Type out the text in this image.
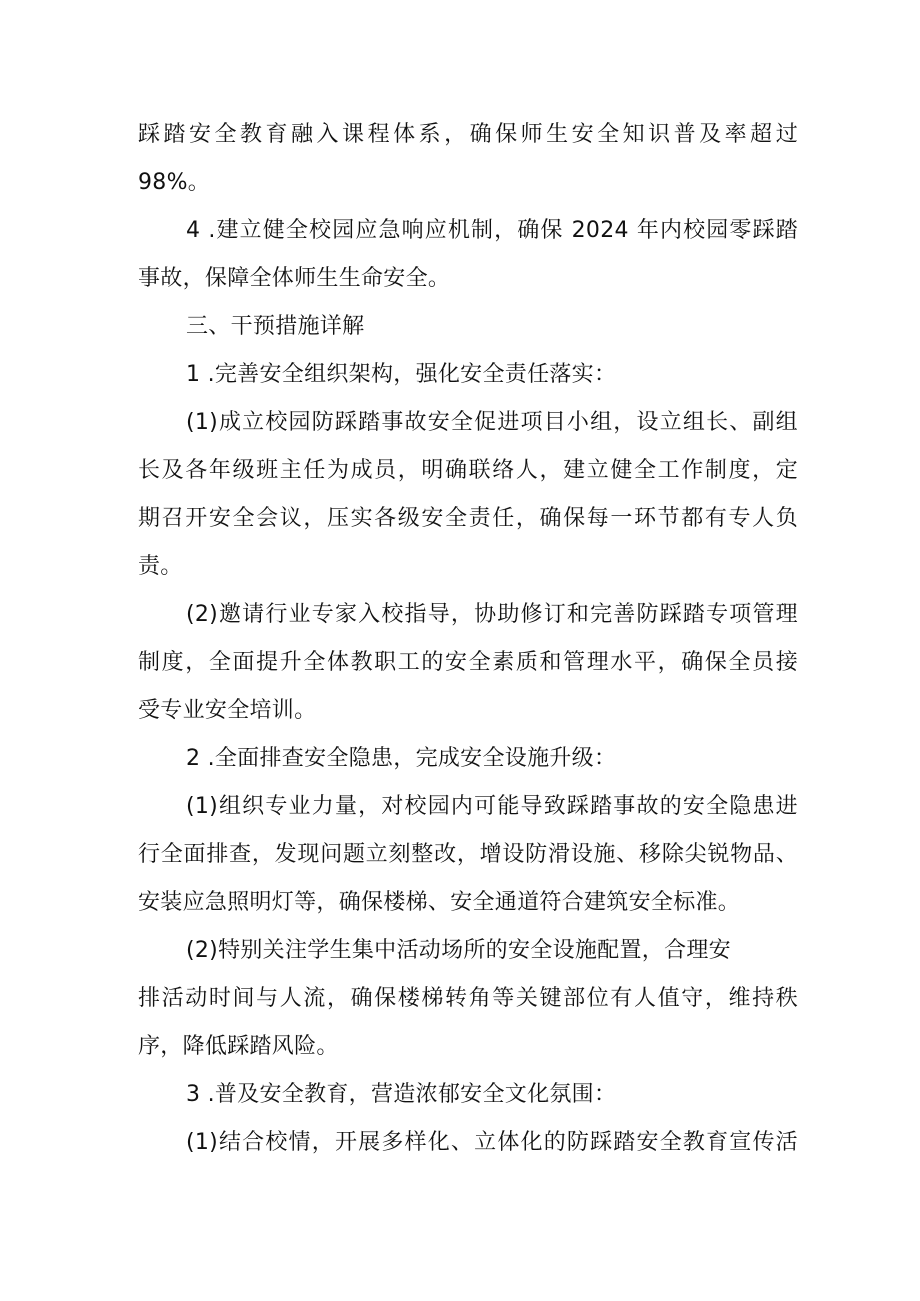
踩踏安全教育融入课程体系，确保师生安全知识普及率超过
98%。
4 .建立健全校园应急响应机制，确保 2024 年内校园零踩踏
事故，保障全体师生生命安全。
三、干预措施详解
1 .完善安全组织架构，强化安全责任落实：
(1)成立校园防踩踏事故安全促进项目小组，设立组长、副组
长及各年级班主任为成员，明确联络人，建立健全工作制度，定
期召开安全会议，压实各级安全责任，确保每一环节都有专人负
责。
(2)邀请行业专家入校指导，协助修订和完善防踩踏专项管理
制度，全面提升全体教职工的安全素质和管理水平，确保全员接
受专业安全培训。
2 .全面排查安全隐患，完成安全设施升级：
(1)组织专业力量，对校园内可能导致踩踏事故的安全隐患进
行全面排查，发现问题立刻整改，增设防滑设施、移除尖锐物品、
安装应急照明灯等，确保楼梯、安全通道符合建筑安全标准。
(2)特别关注学生集中活动场所的安全设施配置，合理安
排活动时间与人流，确保楼梯转角等关键部位有人值守，维持秩
序，降低踩踏风险。
3 .普及安全教育，营造浓郁安全文化氛围：
(1)结合校情，开展多样化、立体化的防踩踏安全教育宣传活
